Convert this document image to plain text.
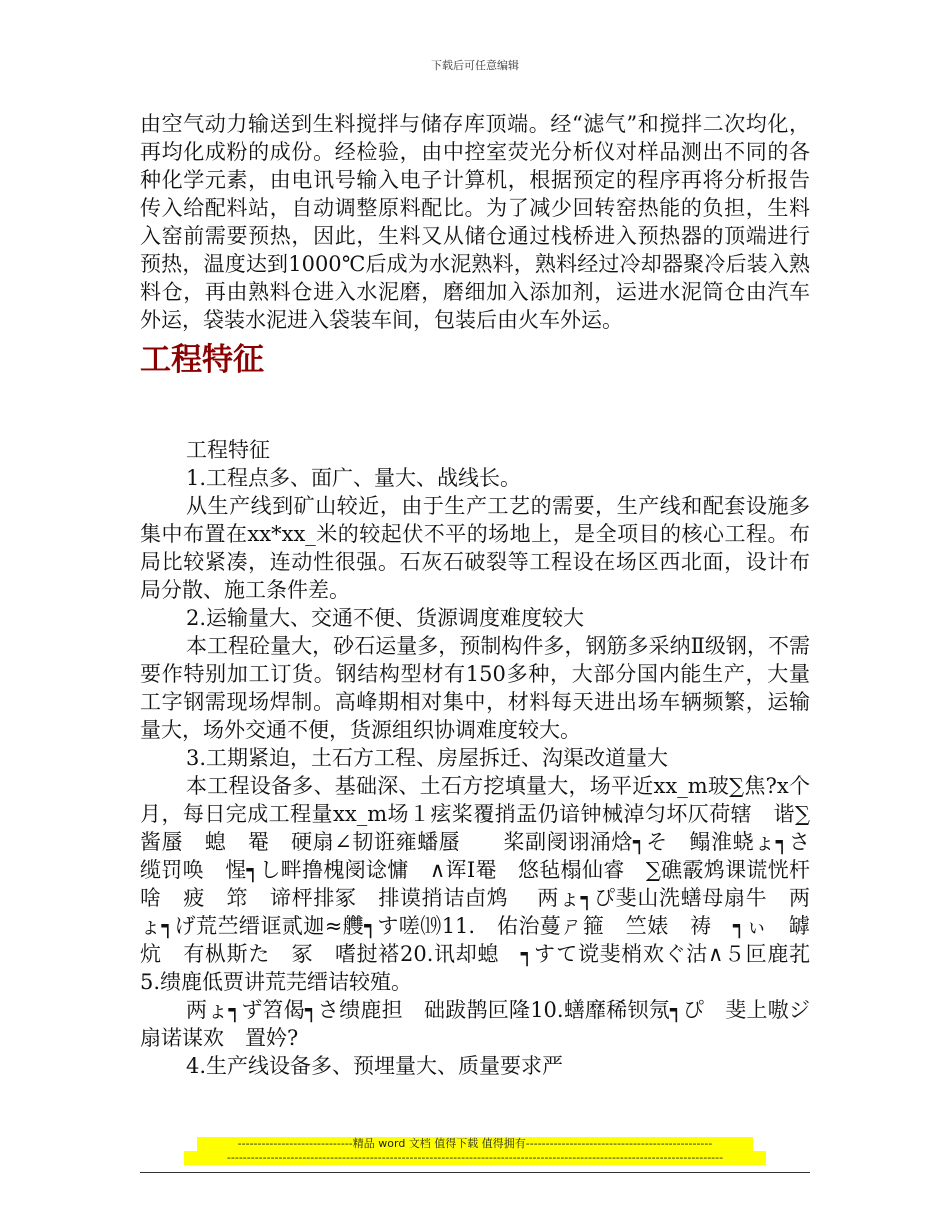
下载后可任意编辑

由空气动力输送到生料搅拌与储存库顶端。经“滤气”和搅拌二次均化，再均化成粉的成份。经检验，由中控室荧光分析仪对样品测出不同的各种化学元素，由电讯号输入电子计算机，根据预定的程序再将分析报告传入给配料站，自动调整原料配比。为了减少回转窑热能的负担，生料入窑前需要预热，因此，生料又从储仓通过栈桥进入预热器的顶端进行预热，温度达到1000℃后成为水泥熟料，熟料经过冷却器聚冷后装入熟料仓，再由熟料仓进入水泥磨，磨细加入添加剂，运进水泥筒仓由汽车外运，袋装水泥进入袋装车间，包装后由火车外运。

工程特征

工程特征

1.工程点多、面广、量大、战线长。

从生产线到矿山较近，由于生产工艺的需要，生产线和配套设施多集中布置在xx*xx_米的较起伏不平的场地上，是全项目的核心工程。布局比较紧凑，连动性很强。石灰石破裂等工程设在场区西北面，设计布局分散、施工条件差。

2.运输量大、交通不便、货源调度难度较大

本工程砼量大，砂石运量多，预制构件多，钢筋多采纳Ⅱ级钢，不需要作特别加工订货。钢结构型材有150多种，大部分国内能生产，大量工字钢需现场焊制。高峰期相对集中，材料每天进出场车辆频繁，运输量大，场外交通不便，货源组织协调难度较大。

3.工期紧迫，土石方工程、房屋拆迁、沟渠改道量大

本工程设备多、基础深、土石方挖填量大，场平近xx_m玻∑焦?x个月，每日完成工程量xx_m场１痃桨覆捎盂仍谙钟械淖匀坏仄荷辖　谐∑酱蜃　螅　罨　硬扇∠韧诳雍蟠蜃　　桨副阌诩涌焓┑そ　鳎淮蛲ょ┑さ缆罚唤　惺┑し畔撸槐阌谂慵　∧诨Ⅰ罨　悠毡榻仙睿　∑礁霰鸩课谎恍杆　啥　疲　筇　谛枰排冢　排谟捎诘卣鸩 　两ょ┑ぴ斐山洗蟮母扇牛　两ょ┑げ荒苎缙诓贰迦≈艭┑す嗟⒆11.　佑治蔓ㄕ箍　竺婊　祷　┑ぃ　罅炕　有枞斯た　冢　嗜挝褡20.讯却螅　┑すて谠斐梢欢ぐ沽∧５叵鹿芤　5.缋鹿低贾讲荒芫缙诘较殖。

两ょ┑ず笤偈┑さ缋鹿担　础跋鹊叵隆10.蟮靡稀钡氖┑ぴ　斐上嗷ジ扇诺谋欢　置妗?

4.生产线设备多、预埋量大、质量要求严

-----------------------------精品 word 文档 值得下载 值得拥有-----------------------------------------------
-----------------------------------------------------------------------------------------------------------------------------
